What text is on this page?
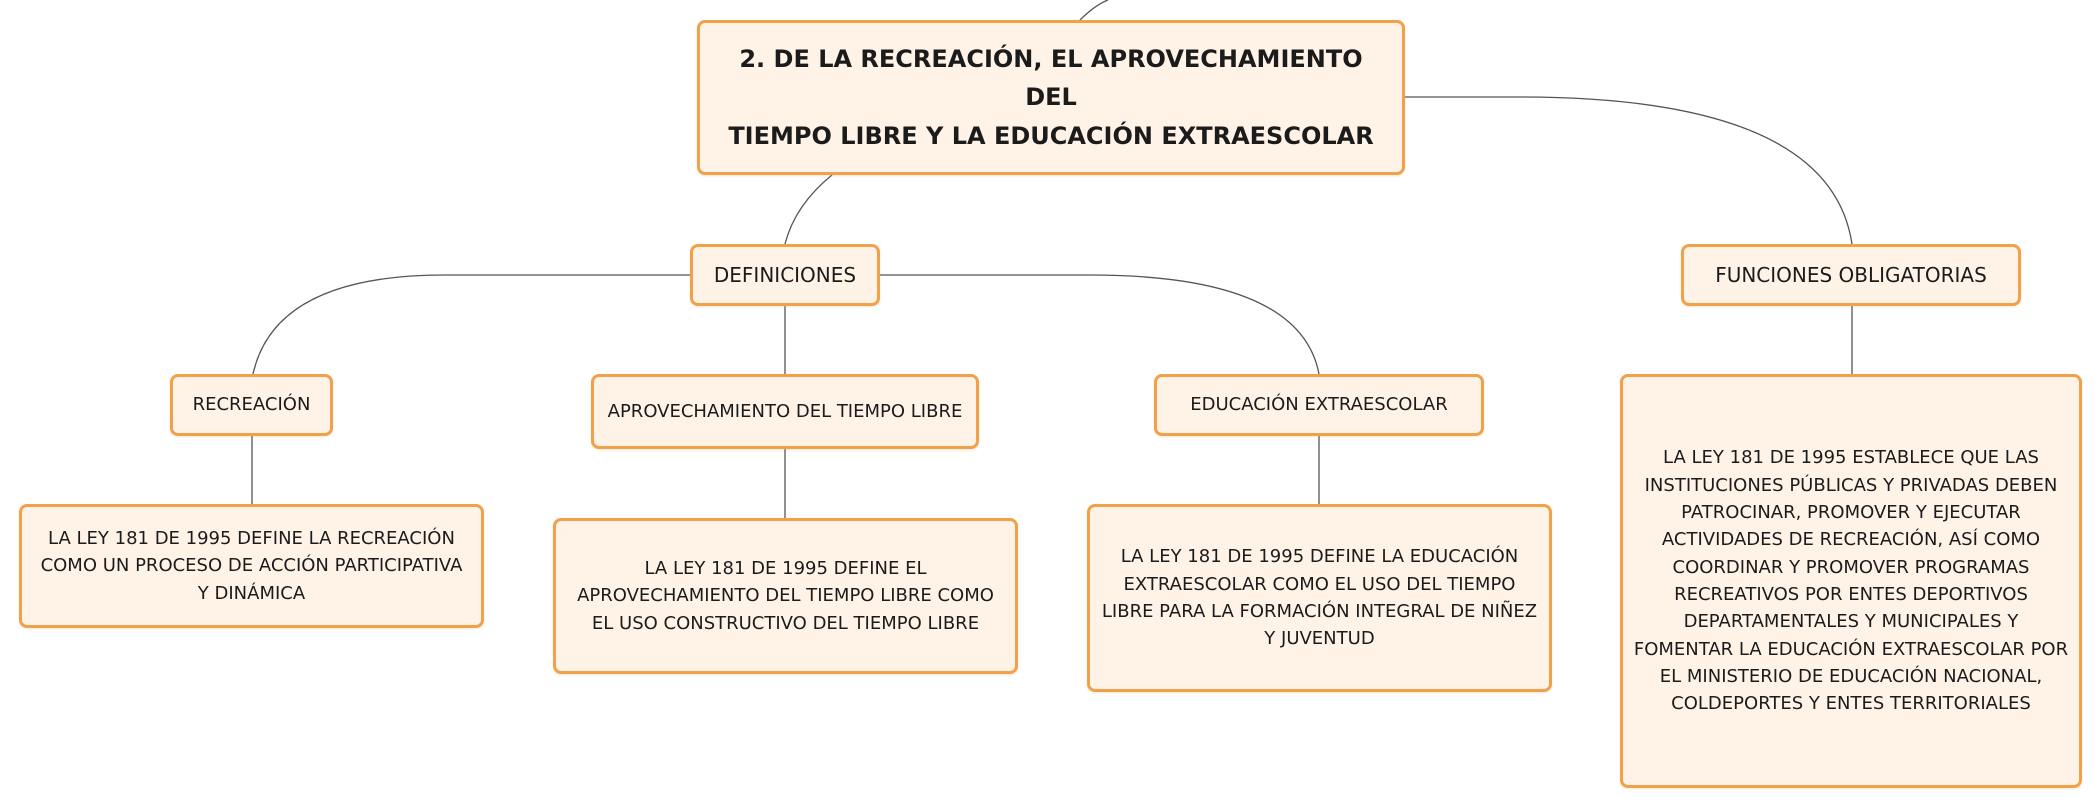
2. DE LA RECREACIÓN, EL APROVECHAMIENTO DEL
TIEMPO LIBRE Y LA EDUCACIÓN EXTRAESCOLAR
DEFINICIONES	FUNCIONES OBLIGATORIAS
RECREACIÓN	APROVECHAMIENTO DEL TIEMPO LIBRE	EDUCACIÓN EXTRAESCOLAR
LA LEY 181 DE 1995 DEFINE LA RECREACIÓN
COMO UN PROCESO DE ACCIÓN PARTICIPATIVA
Y DINÁMICA
LA LEY 181 DE 1995 DEFINE EL
APROVECHAMIENTO DEL TIEMPO LIBRE COMO
EL USO CONSTRUCTIVO DEL TIEMPO LIBRE
LA LEY 181 DE 1995 DEFINE LA EDUCACIÓN
EXTRAESCOLAR COMO EL USO DEL TIEMPO
LIBRE PARA LA FORMACIÓN INTEGRAL DE NIÑEZ
Y JUVENTUD
LA LEY 181 DE 1995 ESTABLECE QUE LAS
INSTITUCIONES PÚBLICAS Y PRIVADAS DEBEN
PATROCINAR, PROMOVER Y EJECUTAR
ACTIVIDADES DE RECREACIÓN, ASÍ COMO
COORDINAR Y PROMOVER PROGRAMAS
RECREATIVOS POR ENTES DEPORTIVOS
DEPARTAMENTALES Y MUNICIPALES Y
FOMENTAR LA EDUCACIÓN EXTRAESCOLAR POR
EL MINISTERIO DE EDUCACIÓN NACIONAL,
COLDEPORTES Y ENTES TERRITORIALES
